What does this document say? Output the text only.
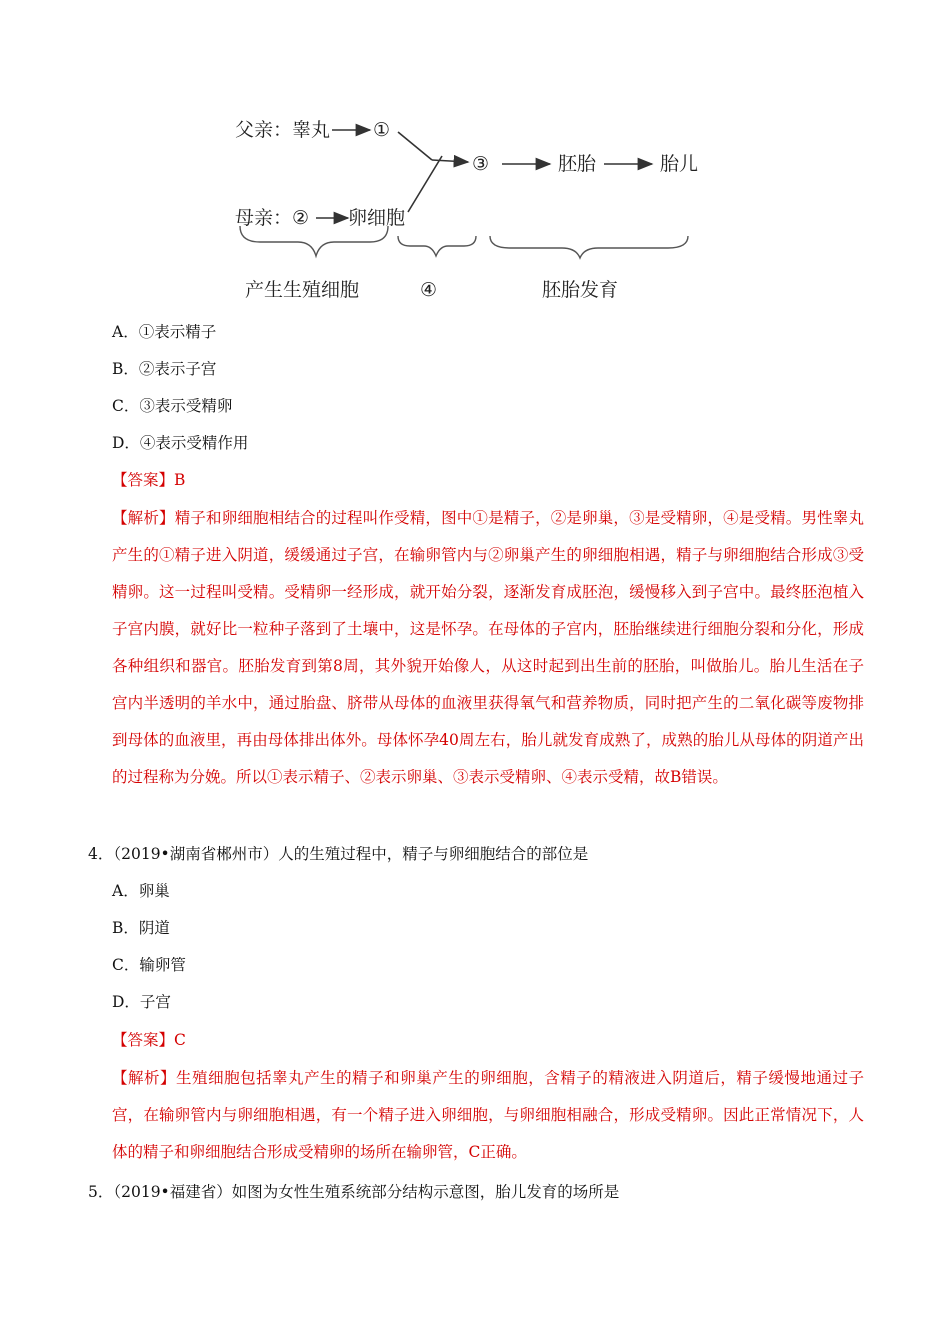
父亲：睾丸 ①
③	胚胎	胎儿
母亲：② 卵细胞
产生生殖细胞	④	胚胎发育
A．①表示精子
B．②表示子宫
C．③表示受精卵
D．④表示受精作用
【答案】B
【解析】精子和卵细胞相结合的过程叫作受精，图中①是精子，②是卵巢，③是受精卵，④是受精。男性睾丸产生的①精子进入阴道，缓缓通过子宫，在输卵管内与②卵巢产生的卵细胞相遇，精子与卵细胞结合形成③受精卵。这一过程叫受精。受精卵一经形成，就开始分裂，逐渐发育成胚泡，缓慢移入到子宫中。最终胚泡植入子宫内膜，就好比一粒种子落到了土壤中，这是怀孕。在母体的子宫内，胚胎继续进行细胞分裂和分化，形成各种组织和器官。胚胎发育到第8周，其外貌开始像人，从这时起到出生前的胚胎，叫做胎儿。胎儿生活在子宫内半透明的羊水中，通过胎盘、脐带从母体的血液里获得氧气和营养物质，同时把产生的二氧化碳等废物排到母体的血液里，再由母体排出体外。母体怀孕40周左右，胎儿就发育成熟了，成熟的胎儿从母体的阴道产出的过程称为分娩。所以①表示精子、②表示卵巢、③表示受精卵、④表示受精，故B错误。
4．（2019•湖南省郴州市）人的生殖过程中，精子与卵细胞结合的部位是
A．卵巢
B．阴道
C．输卵管
D．子宫
【答案】C
【解析】生殖细胞包括睾丸产生的精子和卵巢产生的卵细胞，含精子的精液进入阴道后，精子缓慢地通过子宫，在输卵管内与卵细胞相遇，有一个精子进入卵细胞，与卵细胞相融合，形成受精卵。因此正常情况下，人体的精子和卵细胞结合形成受精卵的场所在输卵管，C正确。
5．（2019•福建省）如图为女性生殖系统部分结构示意图，胎儿发育的场所是
